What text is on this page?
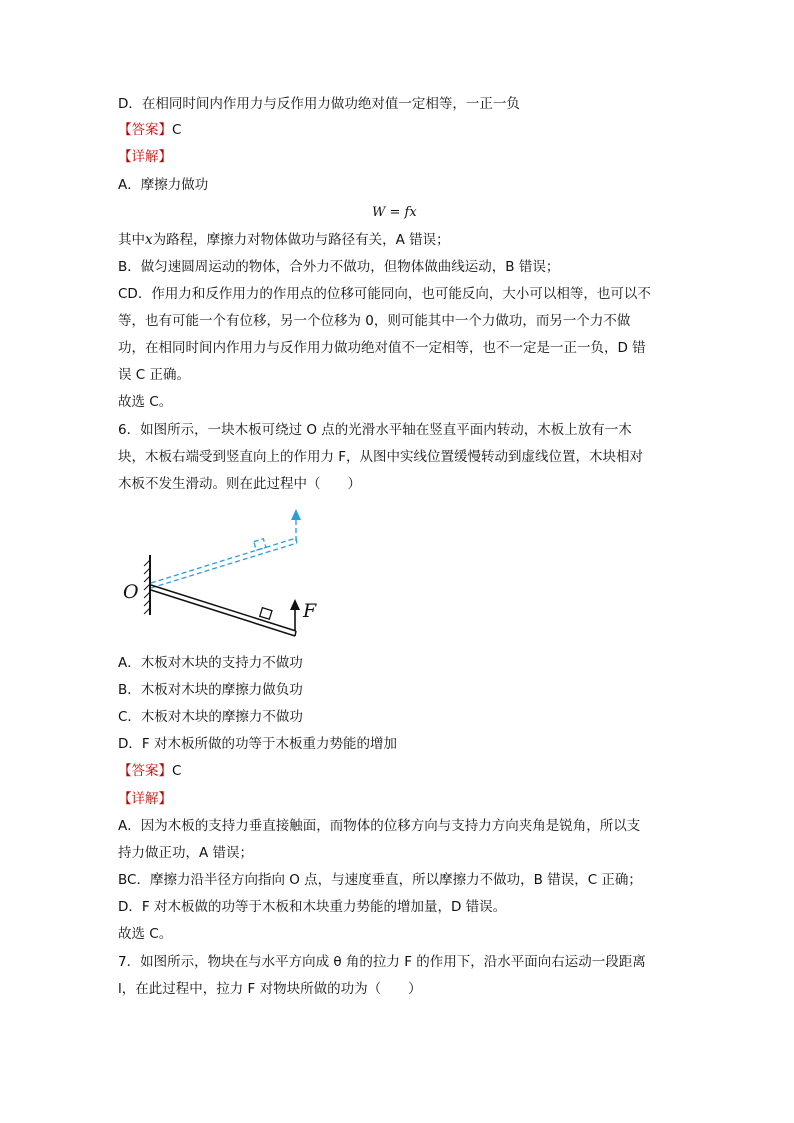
D．在相同时间内作用力与反作用力做功绝对值一定相等，一正一负
【答案】C
【详解】
A．摩擦力做功
W = fx
其中x为路程，摩擦力对物体做功与路径有关，A 错误；
B．做匀速圆周运动的物体，合外力不做功，但物体做曲线运动，B 错误；
CD．作用力和反作用力的作用点的位移可能同向，也可能反向，大小可以相等，也可以不
等，也有可能一个有位移，另一个位移为 0，则可能其中一个力做功，而另一个力不做
功，在相同时间内作用力与反作用力做功绝对值不一定相等，也不一定是一正一负，D 错
误 C 正确。
故选 C。
6．如图所示，一块木板可绕过 O 点的光滑水平轴在竖直平面内转动，木板上放有一木
块，木板右端受到竖直向上的作用力 F，从图中实线位置缓慢转动到虚线位置，木块相对
木板不发生滑动。则在此过程中（　　）
A．木板对木块的支持力不做功
B．木板对木块的摩擦力做负功
C．木板对木块的摩擦力不做功
D．F 对木板所做的功等于木板重力势能的增加
【答案】C
【详解】
A．因为木板的支持力垂直接触面，而物体的位移方向与支持力方向夹角是锐角，所以支
持力做正功，A 错误；
BC．摩擦力沿半径方向指向 O 点，与速度垂直，所以摩擦力不做功，B 错误，C 正确；
D．F 对木板做的功等于木板和木块重力势能的增加量，D 错误。
故选 C。
7．如图所示，物块在与水平方向成 θ 角的拉力 F 的作用下，沿水平面向右运动一段距离
l，在此过程中，拉力 F 对物块所做的功为（　　）
O
F
